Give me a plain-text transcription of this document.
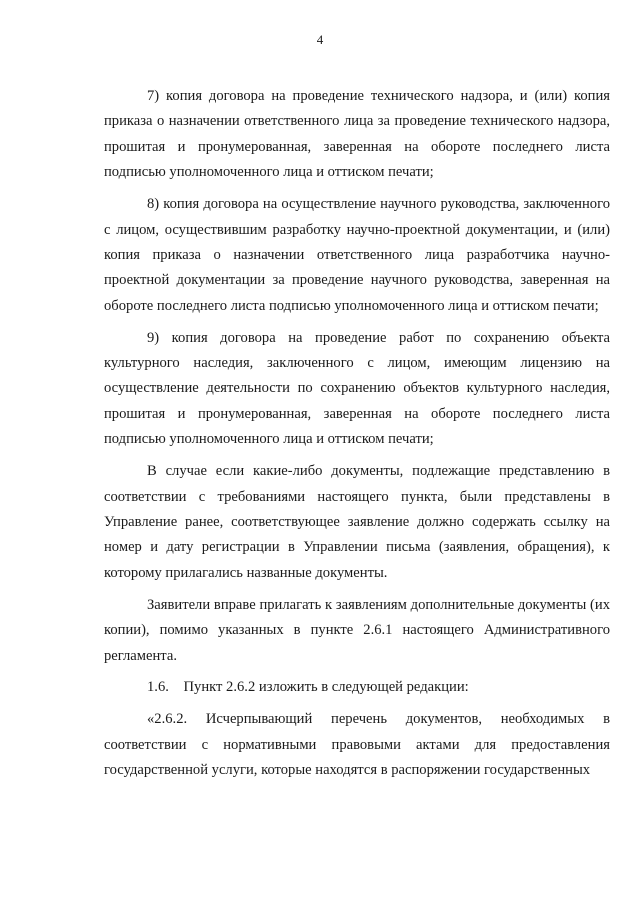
4

7) копия договора на проведение технического надзора, и (или) копия приказа о назначении ответственного лица за проведение технического надзора, прошитая и пронумерованная, заверенная на обороте последнего листа подписью уполномоченного лица и оттиском печати;

8) копия договора на осуществление научного руководства, заключенного с лицом, осуществившим разработку научно-проектной документации, и (или) копия приказа о назначении ответственного лица разработчика научно-проектной документации за проведение научного руководства, заверенная на обороте последнего листа подписью уполномоченного лица и оттиском печати;

9) копия договора на проведение работ по сохранению объекта культурного наследия, заключенного с лицом, имеющим лицензию на осуществление деятельности по сохранению объектов культурного наследия, прошитая и пронумерованная, заверенная на обороте последнего листа подписью уполномоченного лица и оттиском печати;

В случае если какие-либо документы, подлежащие представлению в соответствии с требованиями настоящего пункта, были представлены в Управление ранее, соответствующее заявление должно содержать ссылку на номер и дату регистрации в Управлении письма (заявления, обращения), к которому прилагались названные документы.

Заявители вправе прилагать к заявлениям дополнительные документы (их копии), помимо указанных в пункте 2.6.1 настоящего Административного регламента.

1.6. Пункт 2.6.2 изложить в следующей редакции:

«2.6.2. Исчерпывающий перечень документов, необходимых в соответствии с нормативными правовыми актами для предоставления государственной услуги, которые находятся в распоряжении государственных
